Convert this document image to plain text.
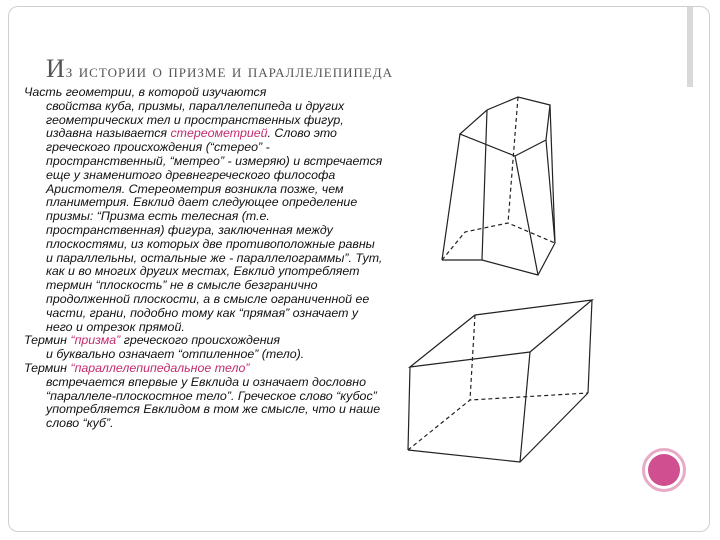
Из истории о призме и параллелепипеда

Часть геометрии, в которой изучаются
свойства куба, призмы, параллелепипеда и других геометрических тел и пространственных фигур, издавна называется стереометрией. Слово это греческого происхождения (“стерео” - пространственный, “метрео” - измеряю) и встречается еще у знаменитого древнегреческого философа Аристотеля. Стереометрия возникла позже, чем планиметрия. Евклид дает следующее определение призмы: “Призма есть телесная (т.е. пространственная) фигура, заключенная между плоскостями, из которых две противоположные равны и параллельны, остальные же - параллелограммы”. Тут, как и во многих других местах, Евклид употребляет термин “плоскость” не в смысле безгранично продолженной плоскости, а в смысле ограниченной ее части, грани, подобно тому как “прямая” означает у него и отрезок прямой.

Термин “призма” греческого происхождения
и буквально означает “отпиленное” (тело).

Термин “параллелепипедальное тело”
встречается впервые у Евклида и означает дословно “параллеле-плоскостное тело”. Греческое слово “кубос” употребляется Евклидом в том же смысле, что и наше слово “куб”.
